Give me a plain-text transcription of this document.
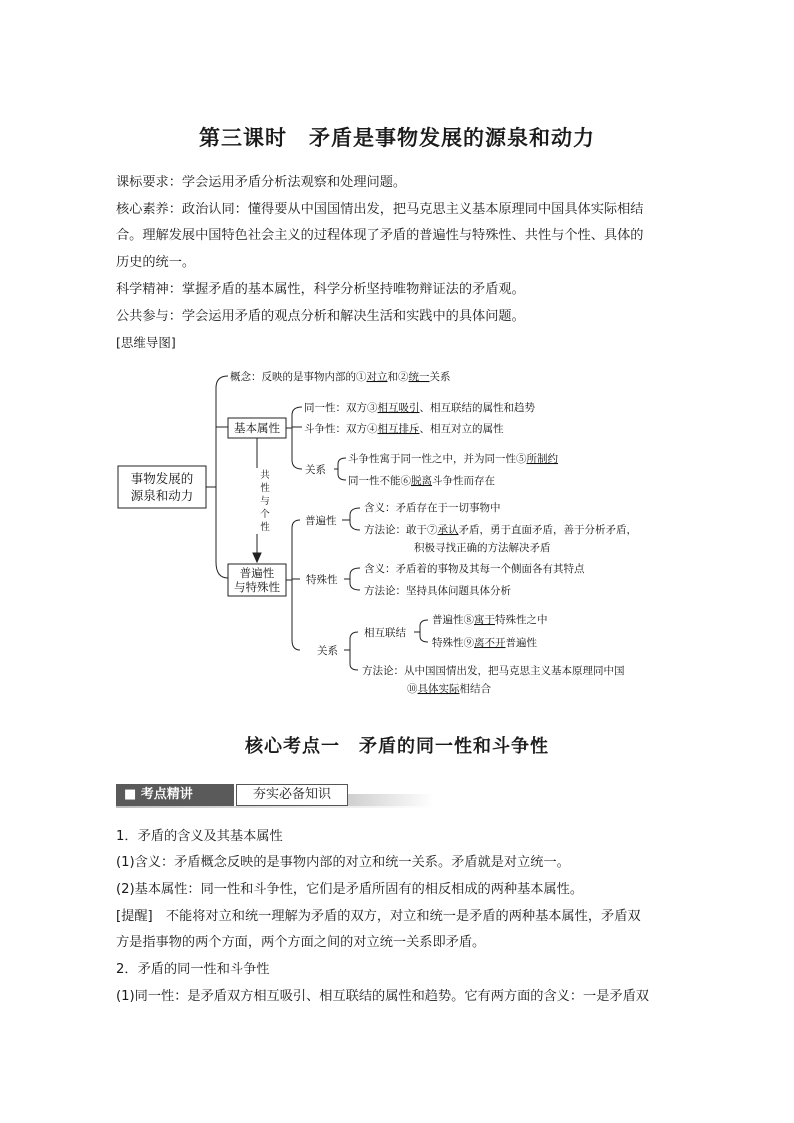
第三课时　矛盾是事物发展的源泉和动力
课标要求：学会运用矛盾分析法观察和处理问题。
核心素养：政治认同：懂得要从中国国情出发，把马克思主义基本原理同中国具体实际相结
合。理解发展中国特色社会主义的过程体现了矛盾的普遍性与特殊性、共性与个性、具体的
历史的统一。
科学精神：掌握矛盾的基本属性，科学分析坚持唯物辩证法的矛盾观。
公共参与：学会运用矛盾的观点分析和解决生活和实践中的具体问题。
[思维导图]
事物发展的
源泉和动力
概念：反映的是事物内部的①对立和②统一关系
基本属性
同一性：双方③相互吸引、相互联结的属性和趋势
斗争性：双方④相互排斥、相互对立的属性
关系
斗争性寓于同一性之中，并为同一性⑤所制约
同一性不能⑥脱离斗争性而存在
共
性
与
个
性
普遍性
与特殊性
普遍性
含义：矛盾存在于一切事物中
方法论：敢于⑦承认矛盾，勇于直面矛盾，善于分析矛盾，
积极寻找正确的方法解决矛盾
特殊性
含义：矛盾着的事物及其每一个侧面各有其特点
方法论：坚持具体问题具体分析
关系
相互联结
普遍性⑧寓于特殊性之中
特殊性⑨离不开普遍性
方法论：从中国国情出发，把马克思主义基本原理同中国
⑩具体实际相结合
核心考点一　矛盾的同一性和斗争性
■ 考点精讲	夯实必备知识
1．矛盾的含义及其基本属性
(1)含义：矛盾概念反映的是事物内部的对立和统一关系。矛盾就是对立统一。
(2)基本属性：同一性和斗争性，它们是矛盾所固有的相反相成的两种基本属性。
[提醒]　不能将对立和统一理解为矛盾的双方，对立和统一是矛盾的两种基本属性，矛盾双
方是指事物的两个方面，两个方面之间的对立统一关系即矛盾。
2．矛盾的同一性和斗争性
(1)同一性：是矛盾双方相互吸引、相互联结的属性和趋势。它有两方面的含义：一是矛盾双
